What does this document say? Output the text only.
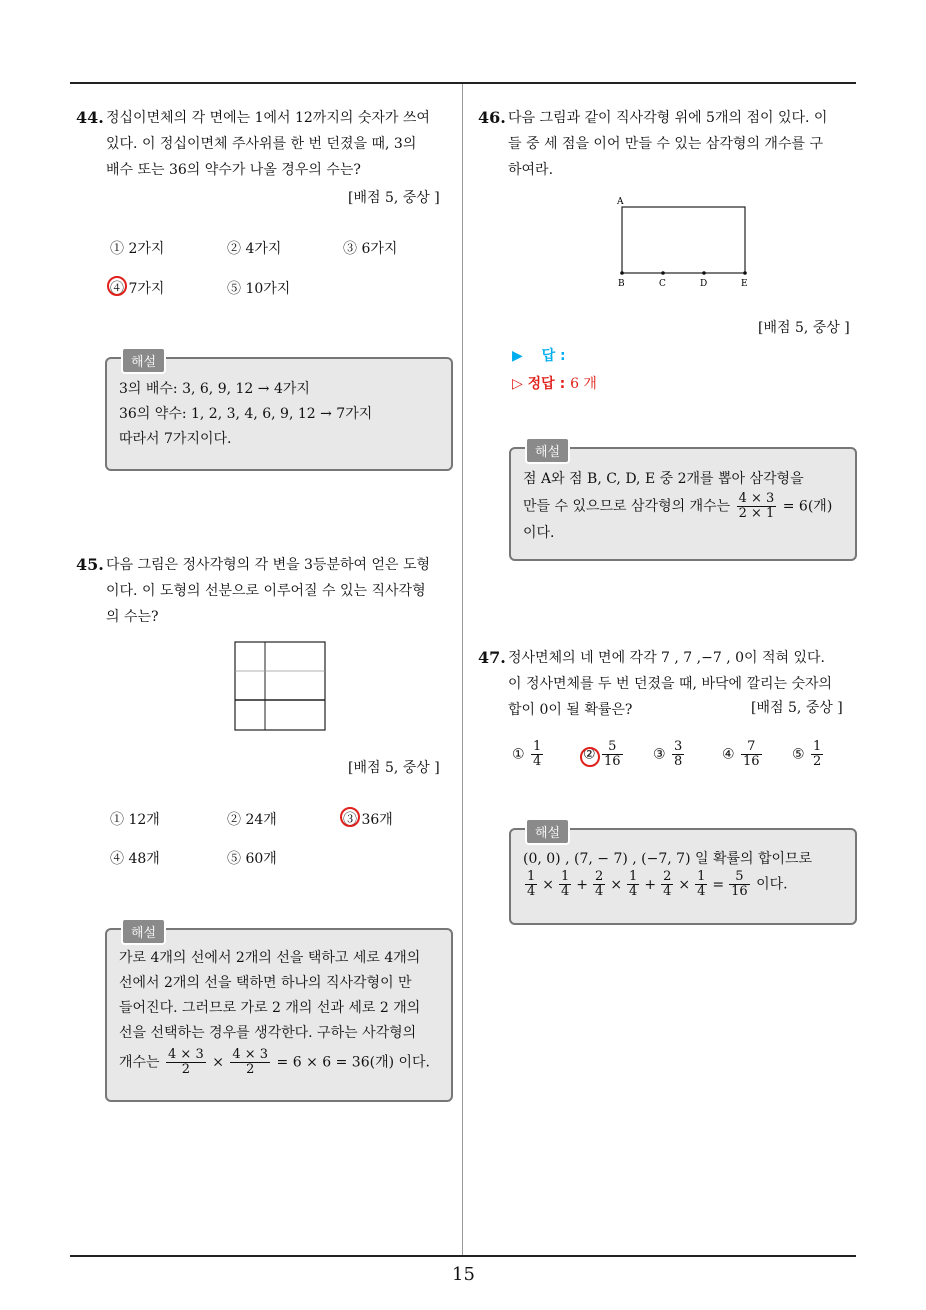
15
44. 정십이면체의 각 면에는 1에서 12까지의 숫자가 쓰여
있다. 이 정십이면체 주사위를 한 번 던졌을 때, 3의
배수 또는 36의 약수가 나올 경우의 수는?
[배점 5, 중상 ]
① 2가지	② 4가지	③ 6가지
④ 7가지	⑤ 10가지
해설
3의 배수: 3, 6, 9, 12 → 4가지
36의 약수: 1, 2, 3, 4, 6, 9, 12 → 7가지
따라서 7가지이다.
45. 다음 그림은 정사각형의 각 변을 3등분하여 얻은 도형
이다. 이 도형의 선분으로 이루어질 수 있는 직사각형
의 수는?
[배점 5, 중상 ]
① 12개	② 24개	③ 36개
④ 48개	⑤ 60개
해설
가로 4개의 선에서 2개의 선을 택하고 세로 4개의
선에서 2개의 선을 택하면 하나의 직사각형이 만
들어진다. 그러므로 가로 2 개의 선과 세로 2 개의
선을 선택하는 경우를 생각한다. 구하는 사각형의
개수는 $\frac{4 \times 3}{2} \times \frac{4 \times 3}{2} = 6 \times 6 = 36$(개) 이다.
46. 다음 그림과 같이 직사각형 위에 5개의 점이 있다. 이
들 중 세 점을 이어 만들 수 있는 삼각형의 개수를 구
하여라.
A
B	C	D	E
[배점 5, 중상 ]
▶ 답 :
▷ 정답 : 6 개
해설
점 A와 점 B, C, D, E 중 2개를 뽑아 삼각형을
만들 수 있으므로 삼각형의 개수는 $\frac{4 \times 3}{2 \times 1} = 6$(개)
이다.
47. 정사면체의 네 면에 각각 7 , 7 ,−7 , 0이 적혀 있다.
이 정사면체를 두 번 던졌을 때, 바닥에 깔리는 숫자의
합이 0이 될 확률은?	[배점 5, 중상 ]
① $\frac{1}{4}$	② $\frac{5}{16}$ ③ $\frac{3}{8}$	④ $\frac{7}{16}$ ⑤ $\frac{1}{2}$
해설
(0, 0) , (7, − 7) , (−7, 7) 일 확률의 합이므로
$\frac{1}{4} \times \frac{1}{4} + \frac{2}{4} \times \frac{1}{4} + \frac{2}{4} \times \frac{1}{4} = \frac{5}{16}$ 이다.
